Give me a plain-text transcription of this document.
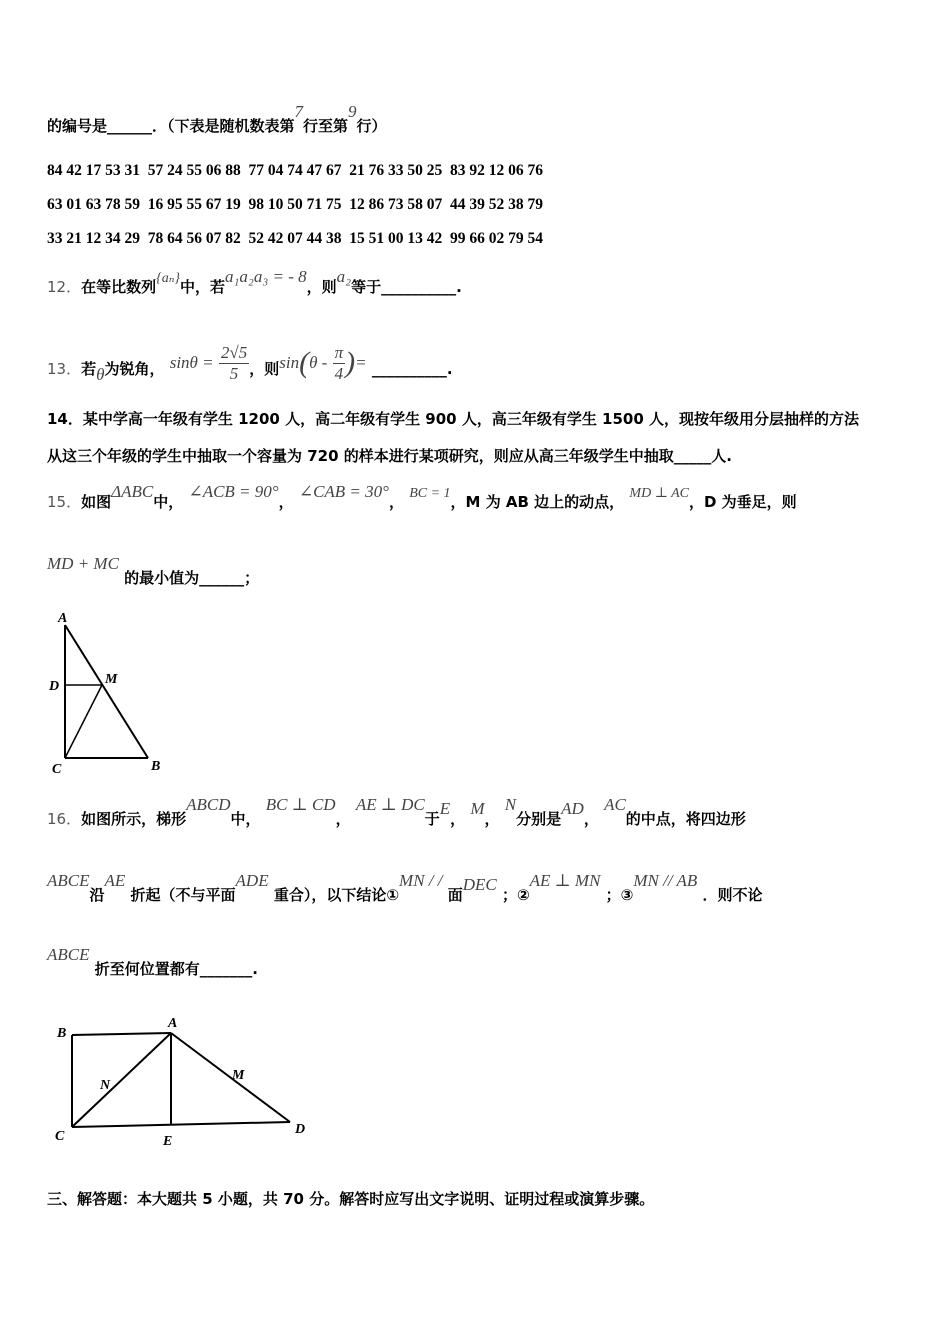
的编号是______．（下表是随机数表第7行至第9行）
84 42 17 53 31  57 24 55 06 88  77 04 74 47 67  21 76 33 50 25  83 92 12 06 76
63 01 63 78 59  16 95 55 67 19  98 10 50 71 75  12 86 73 58 07  44 39 52 38 79
33 21 12 34 29  78 64 56 07 82  52 42 07 44 38  15 51 00 13 42  99 66 02 79 54
12．在等比数列{aₙ}中，若a₁a₂a₃ = - 8，则a₂等于__________.
13．若θ为锐角， $\sin\theta = \frac{2√5}{5}$ ，则$\sin(\theta - \frac{\pi}{4}$ )= __________.
14．某中学高一年级有学生 1200 人，高二年级有学生 900 人，高三年级有学生 1500 人，现按年级用分层抽样的方法
从这三个年级的学生中抽取一个容量为 720 的样本进行某项研究，则应从高三年级学生中抽取_____人.
15．如图ΔABC中， ∠ACB = 90°， ∠CAB = 30°， BC = 1，M 为 AB 边上的动点， MD ⊥ AC，D 为垂足，则
MD + MC 的最小值为______；
A
D	M
C	B
16．如图所示，梯形ABCD中， BC ⊥ CD， AE ⊥ DC于E， M， N分别是AD， AC的中点，将四边形
ABCE沿AE 折起（不与平面ADE 重合），以下结论①MN / / 面DEC ；②AE ⊥ MN ；③MN // AB ．则不论
ABCE 折至何位置都有_______.
B
A
N
M
C	E
D
三、解答题：本大题共 5 小题，共 70 分。解答时应写出文字说明、证明过程或演算步骤。
